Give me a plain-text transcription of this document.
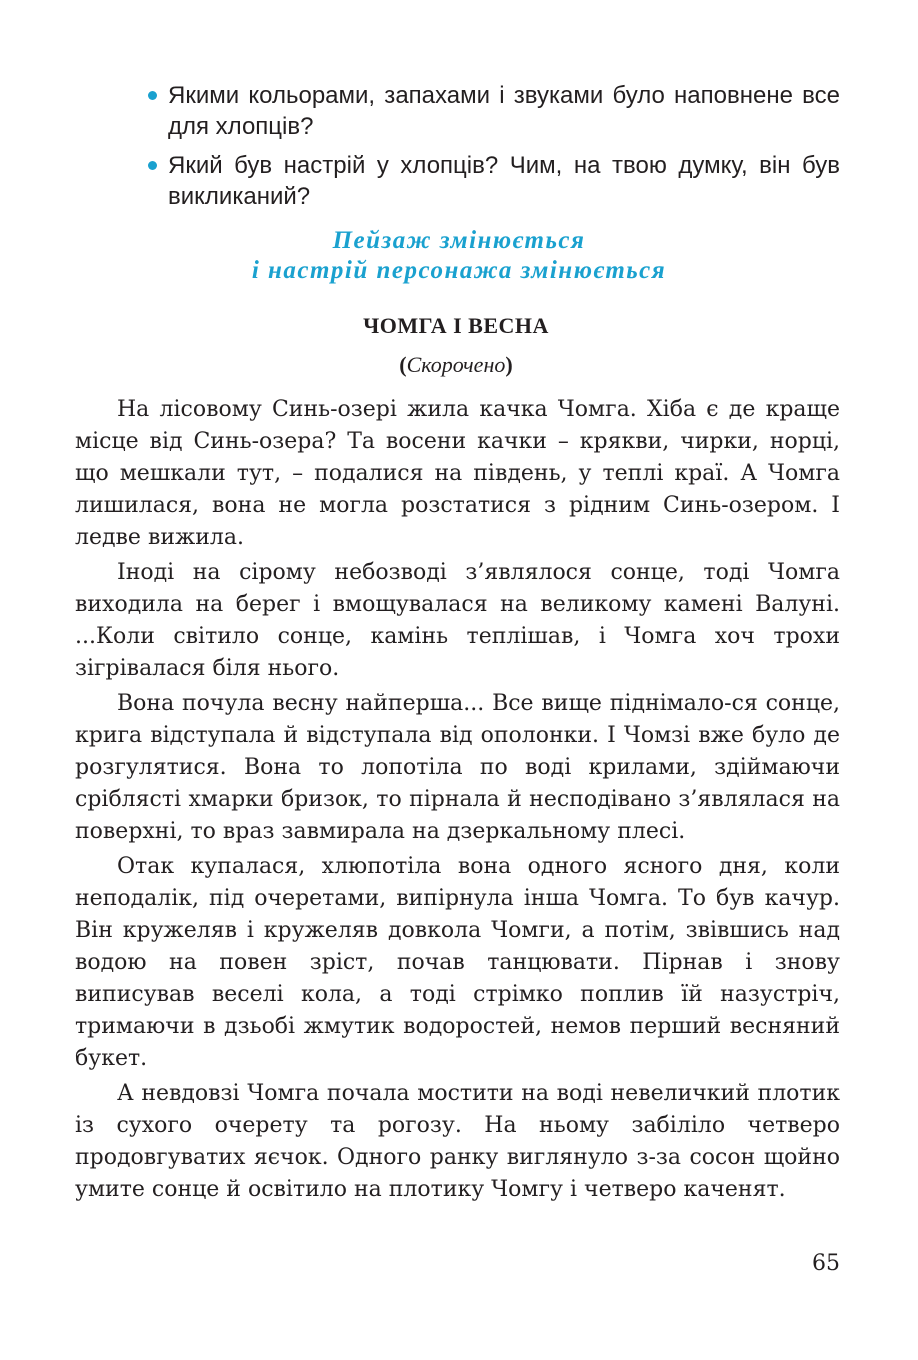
Якими кольорами, запахами і звуками було наповнене все для хлопців?
Який був настрій у хлопців? Чим, на твою думку, він був викликаний?
Пейзаж змінюється
і настрій персонажа змінюється
ЧОМГА І ВЕСНА
(Скорочено)

На лісовому Синь-озері жила качка Чомга. Хіба є де краще місце від Синь-озера? Та восени качки – крякви, чирки, норці, що мешкали тут, – подалися на південь, у теплі краї. А Чомга лишилася, вона не могла розстатися з рідним Синь-озером. І ледве вижила.

Іноді на сірому небозводі з’являлося сонце, тоді Чомга виходила на берег і вмощувалася на великому камені Валуні. ...Коли світило сонце, камінь теплішав, і Чомга хоч трохи зігрівалася біля нього.

Вона почула весну найперша... Все вище піднімало-ся сонце, крига відступала й відступала від ополонки. І Чомзі вже було де розгулятися. Вона то лопотіла по воді крилами, здіймаючи сріблясті хмарки бризок, то пірнала й несподівано з’являлася на поверхні, то враз завмирала на дзеркальному плесі.

Отак купалася, хлюпотіла вона одного ясного дня, коли неподалік, під очеретами, випірнула інша Чомга. То був качур. Він кружеляв і кружеляв довкола Чомги, а потім, звівшись над водою на повен зріст, почав танцювати. Пірнав і знову виписував веселі кола, а тоді стрімко поплив їй назустріч, тримаючи в дзьобі жмутик водоростей, немов перший весняний букет.

А невдовзі Чомга почала мостити на воді невеличкий плотик із сухого очерету та рогозу. На ньому забіліло четверо продовгуватих яєчок. Одного ранку виглянуло з-за сосон щойно умите сонце й освітило на плотику Чомгу і четверо каченят.

65
